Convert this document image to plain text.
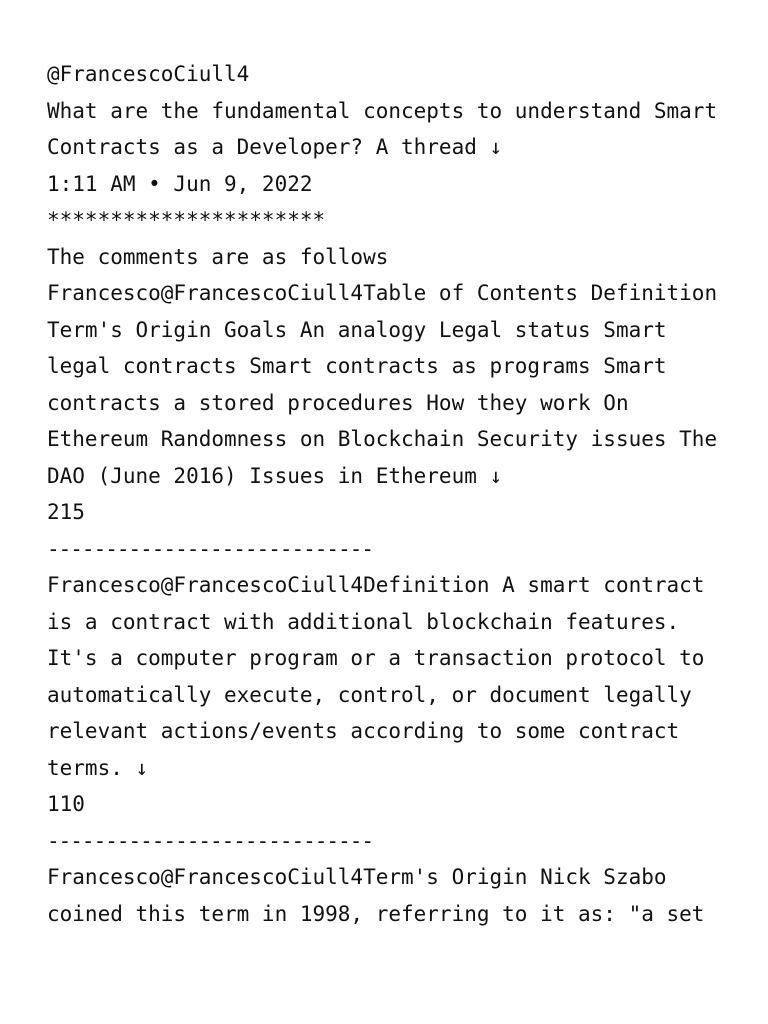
@FrancescoCiull4

What are the fundamental concepts to understand Smart Contracts as a Developer? A thread ↓

1:11 AM • Jun 9, 2022

**********************

The comments are as follows

Francesco@FrancescoCiull4Table of Contents Definition Term's Origin Goals An analogy Legal status Smart legal contracts Smart contracts as programs Smart contracts a stored procedures How they work On Ethereum Randomness on Blockchain Security issues The DAO (June 2016) Issues in Ethereum ↓

215

----------------------------

Francesco@FrancescoCiull4Definition A smart contract is a contract with additional blockchain features. It's a computer program or a transaction protocol to automatically execute, control, or document legally relevant actions/events according to some contract terms. ↓

110

----------------------------

Francesco@FrancescoCiull4Term's Origin Nick Szabo coined this term in 1998, referring to it as: "a set
